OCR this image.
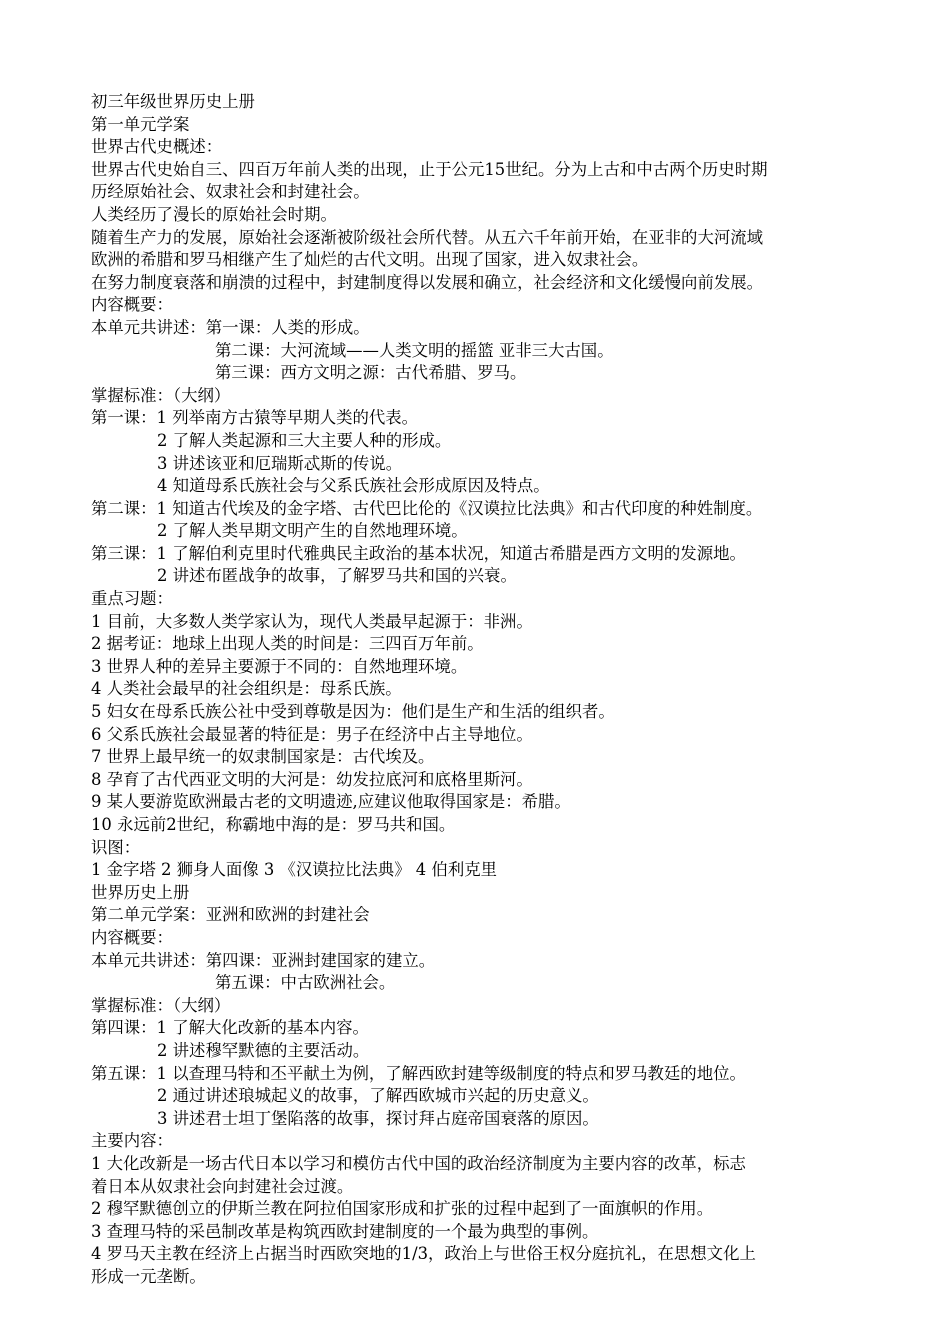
初三年级世界历史上册
第一单元学案
世界古代史概述：
世界古代史始自三、四百万年前人类的出现，止于公元15世纪。分为上古和中古两个历史时期
历经原始社会、奴隶社会和封建社会。
人类经历了漫长的原始社会时期。
随着生产力的发展，原始社会逐渐被阶级社会所代替。从五六千年前开始，在亚非的大河流域
欧洲的希腊和罗马相继产生了灿烂的古代文明。出现了国家，进入奴隶社会。
在努力制度衰落和崩溃的过程中，封建制度得以发展和确立，社会经济和文化缓慢向前发展。
内容概要：
本单元共讲述：第一课：人类的形成。
第二课：大河流域——人类文明的摇篮 亚非三大古国。
第三课：西方文明之源：古代希腊、罗马。
掌握标准：（大纲）
第一课：1 列举南方古猿等早期人类的代表。
2 了解人类起源和三大主要人种的形成。
3 讲述该亚和厄瑞斯忒斯的传说。
4 知道母系氏族社会与父系氏族社会形成原因及特点。
第二课：1 知道古代埃及的金字塔、古代巴比伦的《汉谟拉比法典》和古代印度的种姓制度。
2 了解人类早期文明产生的自然地理环境。
第三课：1 了解伯利克里时代雅典民主政治的基本状况，知道古希腊是西方文明的发源地。
2 讲述布匿战争的故事，了解罗马共和国的兴衰。
重点习题：
1 目前，大多数人类学家认为，现代人类最早起源于：非洲。
2 据考证：地球上出现人类的时间是：三四百万年前。
3 世界人种的差异主要源于不同的：自然地理环境。
4 人类社会最早的社会组织是：母系氏族。
5 妇女在母系氏族公社中受到尊敬是因为：他们是生产和生活的组织者。
6 父系氏族社会最显著的特征是：男子在经济中占主导地位。
7 世界上最早统一的奴隶制国家是：古代埃及。
8 孕育了古代西亚文明的大河是：幼发拉底河和底格里斯河。
9 某人要游览欧洲最古老的文明遗迹,应建议他取得国家是：希腊。
10 永远前2世纪，称霸地中海的是：罗马共和国。
识图：
1 金字塔 2 狮身人面像 3 《汉谟拉比法典》 4 伯利克里
世界历史上册
第二单元学案：亚洲和欧洲的封建社会
内容概要：
本单元共讲述：第四课：亚洲封建国家的建立。
第五课：中古欧洲社会。
掌握标准：（大纲）
第四课：1 了解大化改新的基本内容。
2 讲述穆罕默德的主要活动。
第五课：1 以查理马特和丕平献土为例，了解西欧封建等级制度的特点和罗马教廷的地位。
2 通过讲述琅城起义的故事，了解西欧城市兴起的历史意义。
3 讲述君士坦丁堡陷落的故事，探讨拜占庭帝国衰落的原因。
主要内容：
1 大化改新是一场古代日本以学习和模仿古代中国的政治经济制度为主要内容的改革，标志
着日本从奴隶社会向封建社会过渡。
2 穆罕默德创立的伊斯兰教在阿拉伯国家形成和扩张的过程中起到了一面旗帜的作用。
3 查理马特的采邑制改革是构筑西欧封建制度的一个最为典型的事例。
4 罗马天主教在经济上占据当时西欧突地的1/3，政治上与世俗王权分庭抗礼，在思想文化上
形成一元垄断。
